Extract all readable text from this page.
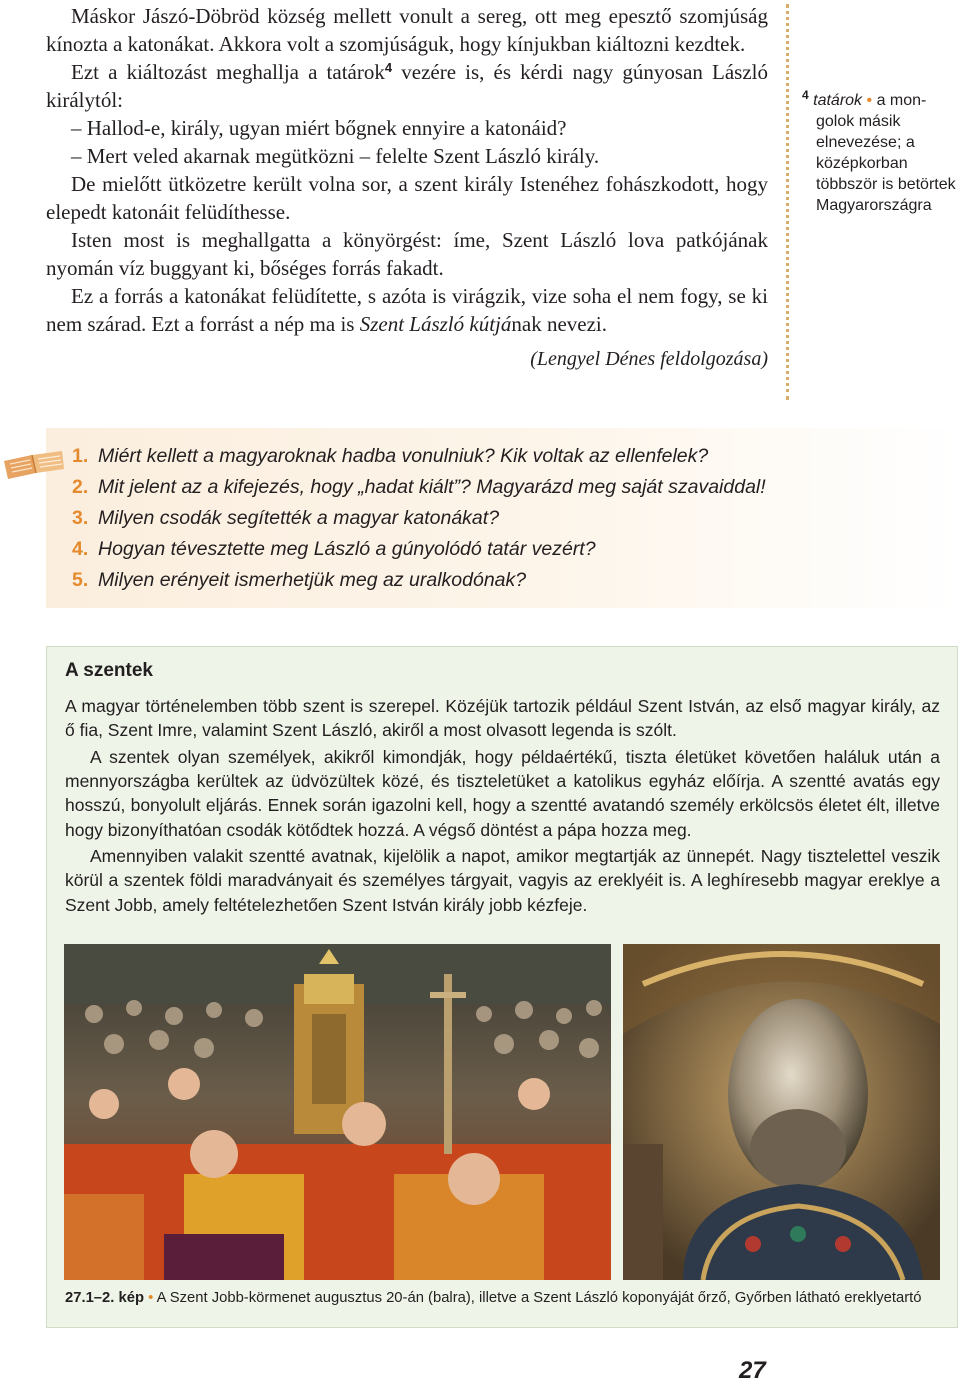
Máskor Jászó-Döbröd község mellett vonult a sereg, ott meg epesztő szomjúság kínozta a katonákat. Akkora volt a szomjúságuk, hogy kínjukban kiáltozni kezdtek.

Ezt a kiáltozást meghallja a tatárok$^4$ vezére is, és kérdi nagy gúnyosan László királytól:

– Hallod-e, király, ugyan miért bőgnek ennyire a katonáid?

– Mert veled akarnak megütközni – felelte Szent László király.

De mielőtt ütközetre került volna sor, a szent király Istenéhez fohászkodott, hogy elepedt katonáit felüdíthesse.

Isten most is meghallgatta a könyörgést: íme, Szent László lova patkójának nyomán víz buggyant ki, bőséges forrás fakadt.

Ez a forrás a katonákat felüdítette, s azóta is virágzik, vize soha el nem fogy, se ki nem szárad. Ezt a forrást a nép ma is Szent László kútjának nevezi.

(Lengyel Dénes feldolgozása)

$^4$ tatárok • a mon-
golok másik elnevezése; a középkorban többször is betörtek Magyarországra
1. Miért kellett a magyaroknak hadba vonulniuk? Kik voltak az ellenfelek?
2. Mit jelent az a kifejezés, hogy „hadat kiált”? Magyarázd meg saját szavaiddal!
3. Milyen csodák segítették a magyar katonákat?
4. Hogyan tévesztette meg László a gúnyolódó tatár vezért?
5. Milyen erényeit ismerhetjük meg az uralkodónak?
A szentek

A magyar történelemben több szent is szerepel. Közéjük tartozik például Szent István, az első magyar király, az ő fia, Szent Imre, valamint Szent László, akiről a most olvasott legenda is szólt.

A szentek olyan személyek, akikről kimondják, hogy példaértékű, tiszta életüket követően haláluk után a mennyországba kerültek az üdvözültek közé, és tiszteletüket a katolikus egyház előírja. A szentté avatás egy hosszú, bonyolult eljárás. Ennek során igazolni kell, hogy a szentté avatandó személy erkölcsös életet élt, illetve hogy bizonyíthatóan csodák kötődtek hozzá. A végső döntést a pápa hozza meg.

Amennyiben valakit szentté avatnak, kijelölik a napot, amikor megtartják az ünnepét. Nagy tisztelettel veszik körül a szentek földi maradványait és személyes tárgyait, vagyis az ereklyéit is. A leghíresebb magyar ereklye a Szent Jobb, amely feltételezhetően Szent István király jobb kézfeje.

27.1–2. kép • A Szent Jobb-körmenet augusztus 20-án (balra), illetve a Szent László koponyáját őrző, Győrben látható ereklyetartó
27
